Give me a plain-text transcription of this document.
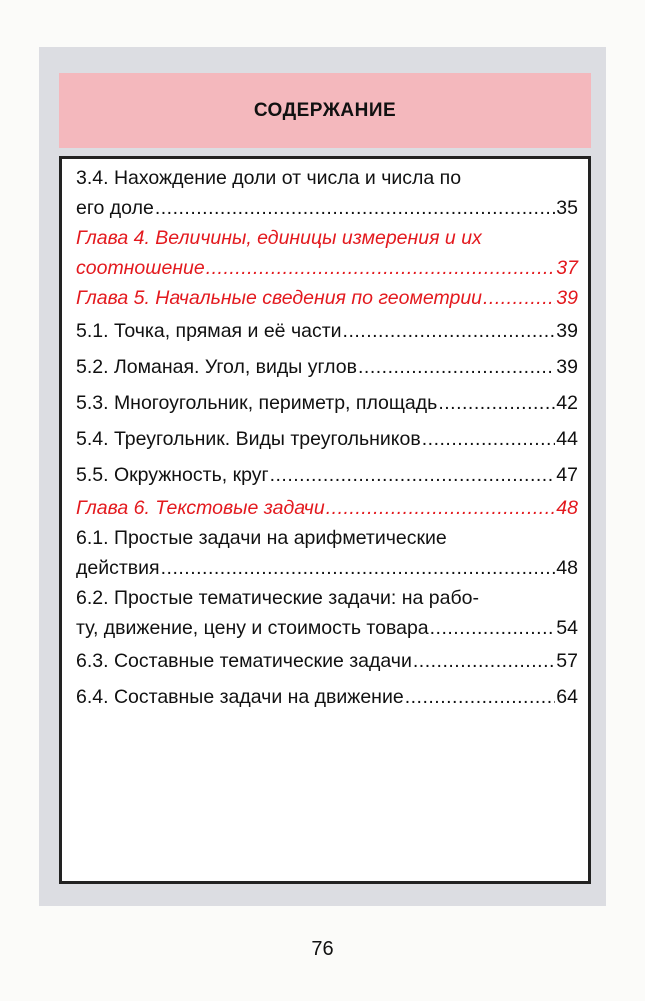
СОДЕРЖАНИЕ
3.4. Нахождение доли от числа и числа по
его доле .....	35
Глава 4. Величины, единицы измерения и их
соотношение .....	37
Глава 5. Начальные сведения по геометрии .....	39
5.1. Точка, прямая и её части .....	39
5.2. Ломаная. Угол, виды углов .....	39
5.3. Многоугольник, периметр, площадь .....	42
5.4. Треугольник. Виды треугольников .....	44
5.5. Окружность, круг .....	47
Глава 6. Текстовые задачи .....	48
6.1. Простые задачи на арифметические
действия .....	48
6.2. Простые тематические задачи: на рабо-
ту, движение, цену и стоимость товара .....	54
6.3. Составные тематические задачи .....	57
6.4. Составные задачи на движение .....	64
76
